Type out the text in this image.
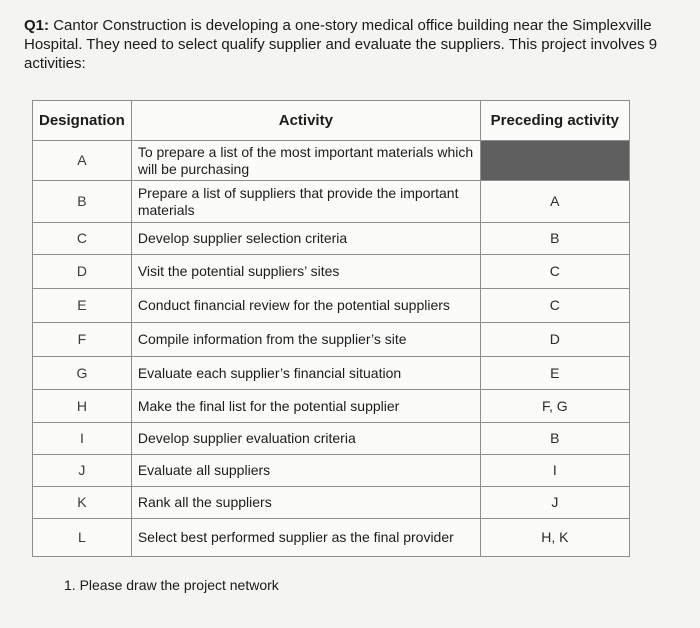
Q1: Cantor Construction is developing a one-story medical office building near the Simplexville Hospital. They need to select qualify supplier and evaluate the suppliers. This project involves 9 activities:
Designation	Activity	Preceding activity
A	To prepare a list of the most important materials which will be purchasing	
B	Prepare a list of suppliers that provide the important materials	A
C	Develop supplier selection criteria	B
D	Visit the potential suppliers’ sites	C
E	Conduct financial review for the potential suppliers	C
F	Compile information from the supplier’s site	D
G	Evaluate each supplier’s financial situation	E
H	Make the final list for the potential supplier	F, G
I	Develop supplier evaluation criteria	B
J	Evaluate all suppliers	I
K	Rank all the suppliers	J
L	Select best performed supplier as the final provider	H, K
1. Please draw the project network
